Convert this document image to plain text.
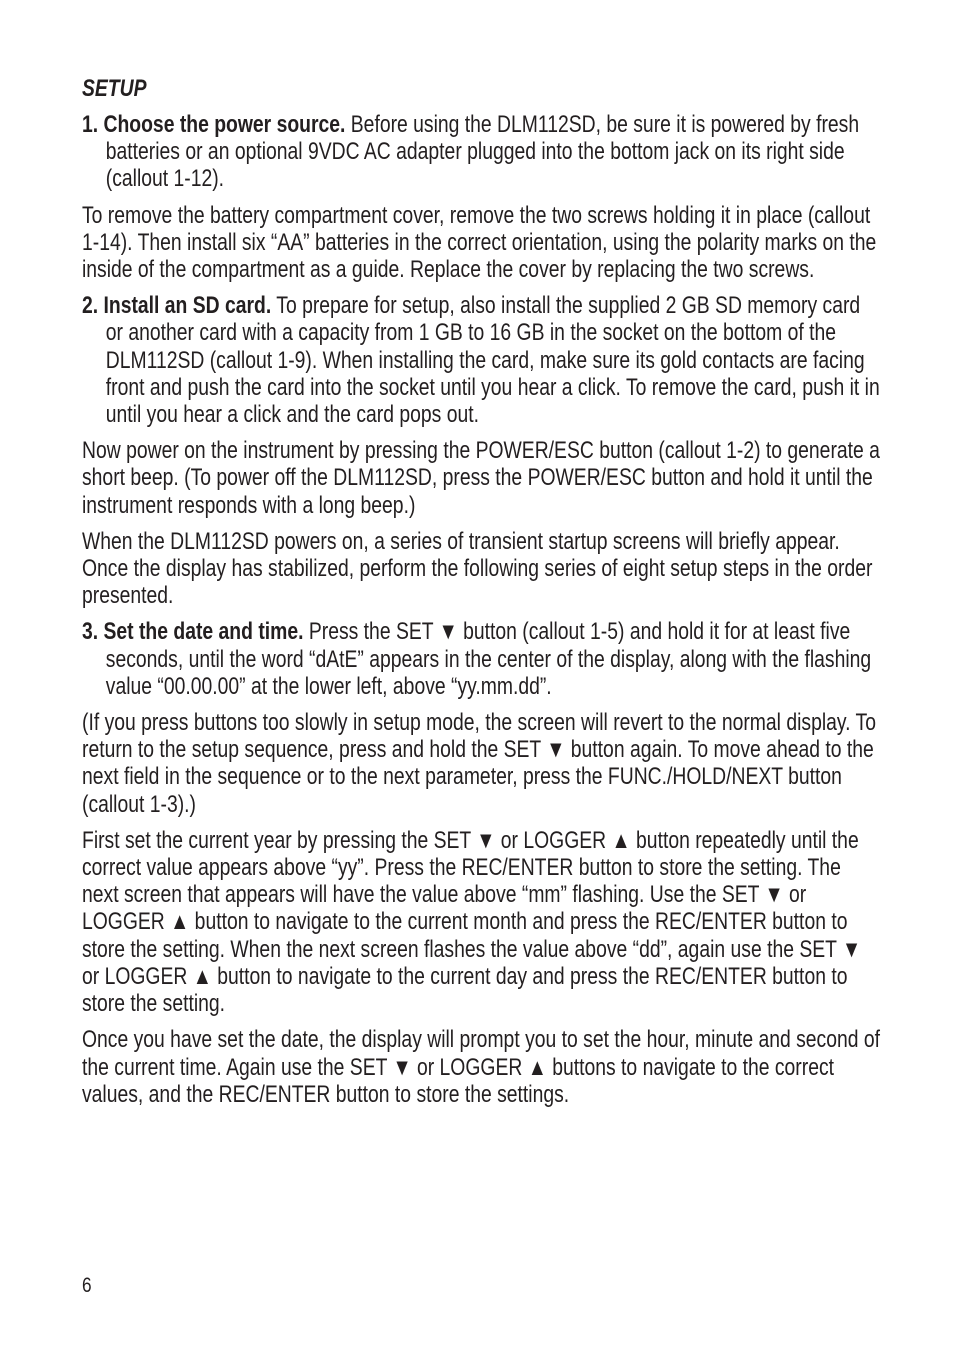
SETUP
1. Choose the power source. Before using the DLM112SD, be sure it is powered by fresh batteries or an optional 9VDC AC adapter plugged into the bottom jack on its right side (callout 1-12).
To remove the battery compartment cover, remove the two screws holding it in place (callout 1-14). Then install six “AA” batteries in the correct orientation, using the polarity marks on the inside of the compartment as a guide. Replace the cover by replacing the two screws.
2. Install an SD card. To prepare for setup, also install the supplied 2 GB SD memory card or another card with a capacity from 1 GB to 16 GB in the socket on the bottom of the DLM112SD (callout 1-9). When installing the card, make sure its gold contacts are facing front and push the card into the socket until you hear a click. To remove the card, push it in until you hear a click and the card pops out.
Now power on the instrument by pressing the POWER/ESC button (callout 1-2) to generate a short beep. (To power off the DLM112SD, press the POWER/ESC button and hold it until the instrument responds with a long beep.)
When the DLM112SD powers on, a series of transient startup screens will briefly appear. Once the display has stabilized, perform the following series of eight setup steps in the order presented.
3. Set the date and time. Press the SET ▼ button (callout 1-5) and hold it for at least five seconds, until the word “dAtE” appears in the center of the display, along with the flashing value “00.00.00” at the lower left, above “yy.mm.dd”.
(If you press buttons too slowly in setup mode, the screen will revert to the normal display. To return to the setup sequence, press and hold the SET ▼ button again. To move ahead to the next field in the sequence or to the next parameter, press the FUNC./HOLD/NEXT button (callout 1-3).)
First set the current year by pressing the SET ▼ or LOGGER ▲ button repeatedly until the correct value appears above “yy”. Press the REC/ENTER button to store the setting. The next screen that appears will have the value above “mm” flashing. Use the SET ▼ or LOGGER ▲ button to navigate to the current month and press the REC/ENTER button to store the setting. When the next screen flashes the value above “dd”, again use the SET ▼ or LOGGER ▲ button to navigate to the current day and press the REC/ENTER button to store the setting.
Once you have set the date, the display will prompt you to set the hour, minute and second of the current time. Again use the SET ▼ or LOGGER ▲ buttons to navigate to the correct values, and the REC/ENTER button to store the settings.
6
